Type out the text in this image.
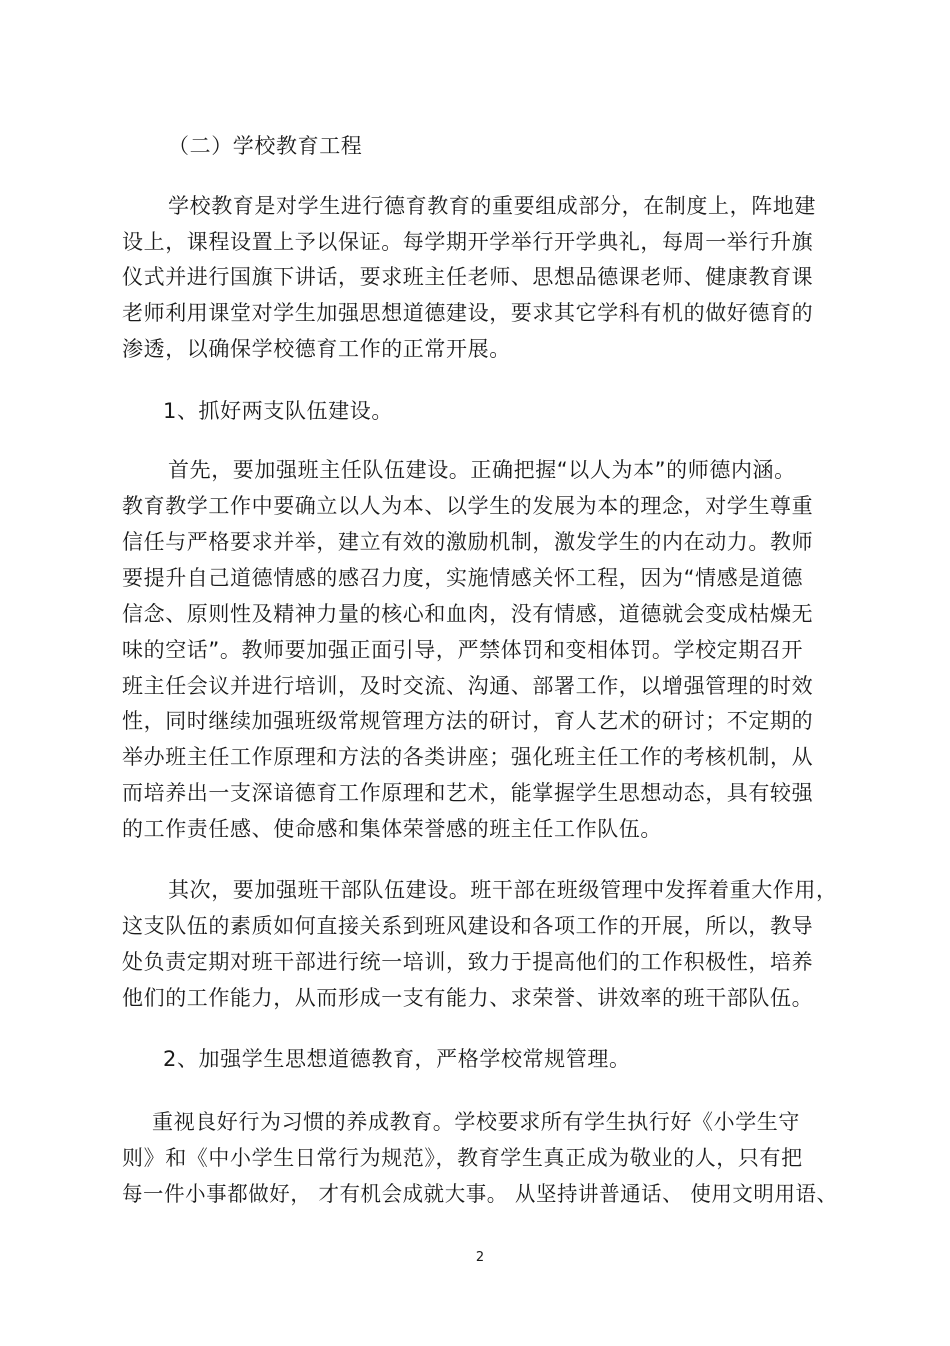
（二）学校教育工程
学校教育是对学生进行德育教育的重要组成部分，在制度上，阵地建
设上，课程设置上予以保证。每学期开学举行开学典礼，每周一举行升旗
仪式并进行国旗下讲话，要求班主任老师、思想品德课老师、健康教育课
老师利用课堂对学生加强思想道德建设，要求其它学科有机的做好德育的
渗透，以确保学校德育工作的正常开展。
1、抓好两支队伍建设。
首先，要加强班主任队伍建设。正确把握“以人为本”的师德内涵。
教育教学工作中要确立以人为本、以学生的发展为本的理念，对学生尊重
信任与严格要求并举，建立有效的激励机制，激发学生的内在动力。教师
要提升自己道德情感的感召力度，实施情感关怀工程，因为“情感是道德
信念、原则性及精神力量的核心和血肉，没有情感，道德就会变成枯燥无
味的空话”。教师要加强正面引导，严禁体罚和变相体罚。学校定期召开
班主任会议并进行培训，及时交流、沟通、部署工作，以增强管理的时效
性，同时继续加强班级常规管理方法的研讨，育人艺术的研讨；不定期的
举办班主任工作原理和方法的各类讲座；强化班主任工作的考核机制，从
而培养出一支深谙德育工作原理和艺术，能掌握学生思想动态，具有较强
的工作责任感、使命感和集体荣誉感的班主任工作队伍。
其次，要加强班干部队伍建设。班干部在班级管理中发挥着重大作用，
这支队伍的素质如何直接关系到班风建设和各项工作的开展，所以，教导
处负责定期对班干部进行统一培训，致力于提高他们的工作积极性，培养
他们的工作能力，从而形成一支有能力、求荣誉、讲效率的班干部队伍。
2、加强学生思想道德教育，严格学校常规管理。
重视良好行为习惯的养成教育。学校要求所有学生执行好《小学生守
则》和《中小学生日常行为规范》，教育学生真正成为敬业的人，只有把
每一件小事都做好， 才有机会成就大事。 从坚持讲普通话、 使用文明用语、
2
